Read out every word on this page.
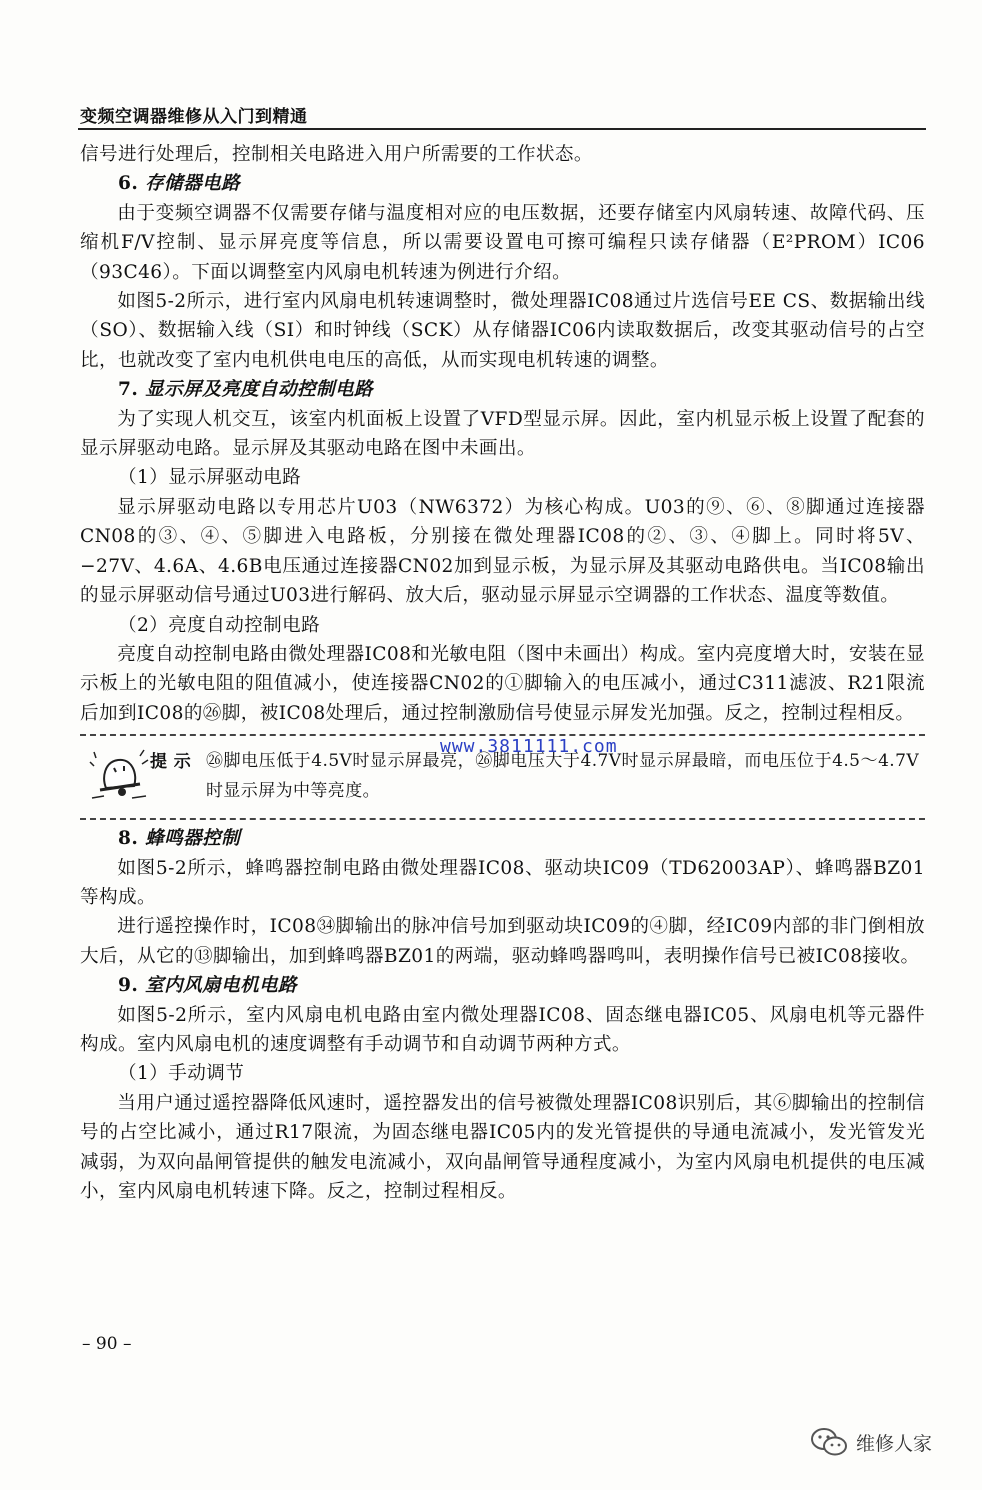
变频空调器维修从入门到精通

信号进行处理后，控制相关电路进入用户所需要的工作状态。

6. 存储器电路

由于变频空调器不仅需要存储与温度相对应的电压数据，还要存储室内风扇转速、故障代码、压缩机F/V控制、显示屏亮度等信息，所以需要设置电可擦可编程只读存储器（E²PROM）IC06（93C46）。下面以调整室内风扇电机转速为例进行介绍。

如图5-2所示，进行室内风扇电机转速调整时，微处理器IC08通过片选信号EE CS、数据输出线（SO）、数据输入线（SI）和时钟线（SCK）从存储器IC06内读取数据后，改变其驱动信号的占空比，也就改变了室内电机供电电压的高低，从而实现电机转速的调整。

7. 显示屏及亮度自动控制电路

为了实现人机交互，该室内机面板上设置了VFD型显示屏。因此，室内机显示板上设置了配套的显示屏驱动电路。显示屏及其驱动电路在图中未画出。

（1）显示屏驱动电路

显示屏驱动电路以专用芯片U03（NW6372）为核心构成。U03的⑨、⑥、⑧脚通过连接器CN08的③、④、⑤脚进入电路板，分别接在微处理器IC08的②、③、④脚上。同时将5V、−27V、4.6A、4.6B电压通过连接器CN02加到显示板，为显示屏及其驱动电路供电。当IC08输出的显示屏驱动信号通过U03进行解码、放大后，驱动显示屏显示空调器的工作状态、温度等数值。

（2）亮度自动控制电路

亮度自动控制电路由微处理器IC08和光敏电阻（图中未画出）构成。室内亮度增大时，安装在显示板上的光敏电阻的阻值减小，使连接器CN02的①脚输入的电压减小，通过C311滤波、R21限流后加到IC08的㉖脚，被IC08处理后，通过控制激励信号使显示屏发光加强。反之，控制过程相反。

提 示 ㉖脚电压低于4.5V时显示屏最亮，㉖脚电压大于4.7V时显示屏最暗，而电压位于4.5～4.7V时显示屏为中等亮度。

8. 蜂鸣器控制

如图5-2所示，蜂鸣器控制电路由微处理器IC08、驱动块IC09（TD62003AP）、蜂鸣器BZ01等构成。

进行遥控操作时，IC08㉞脚输出的脉冲信号加到驱动块IC09的④脚，经IC09内部的非门倒相放大后，从它的⑬脚输出，加到蜂鸣器BZ01的两端，驱动蜂鸣器鸣叫，表明操作信号已被IC08接收。

9. 室内风扇电机电路

如图5-2所示，室内风扇电机电路由室内微处理器IC08、固态继电器IC05、风扇电机等元器件构成。室内风扇电机的速度调整有手动调节和自动调节两种方式。

（1）手动调节

当用户通过遥控器降低风速时，遥控器发出的信号被微处理器IC08识别后，其⑥脚输出的控制信号的占空比减小，通过R17限流，为固态继电器IC05内的发光管提供的导通电流减小，发光管发光减弱，为双向晶闸管提供的触发电流减小，双向晶闸管导通程度减小，为室内风扇电机提供的电压减小，室内风扇电机转速下降。反之，控制过程相反。

www.3811111.com
– 90 –
维修人家
